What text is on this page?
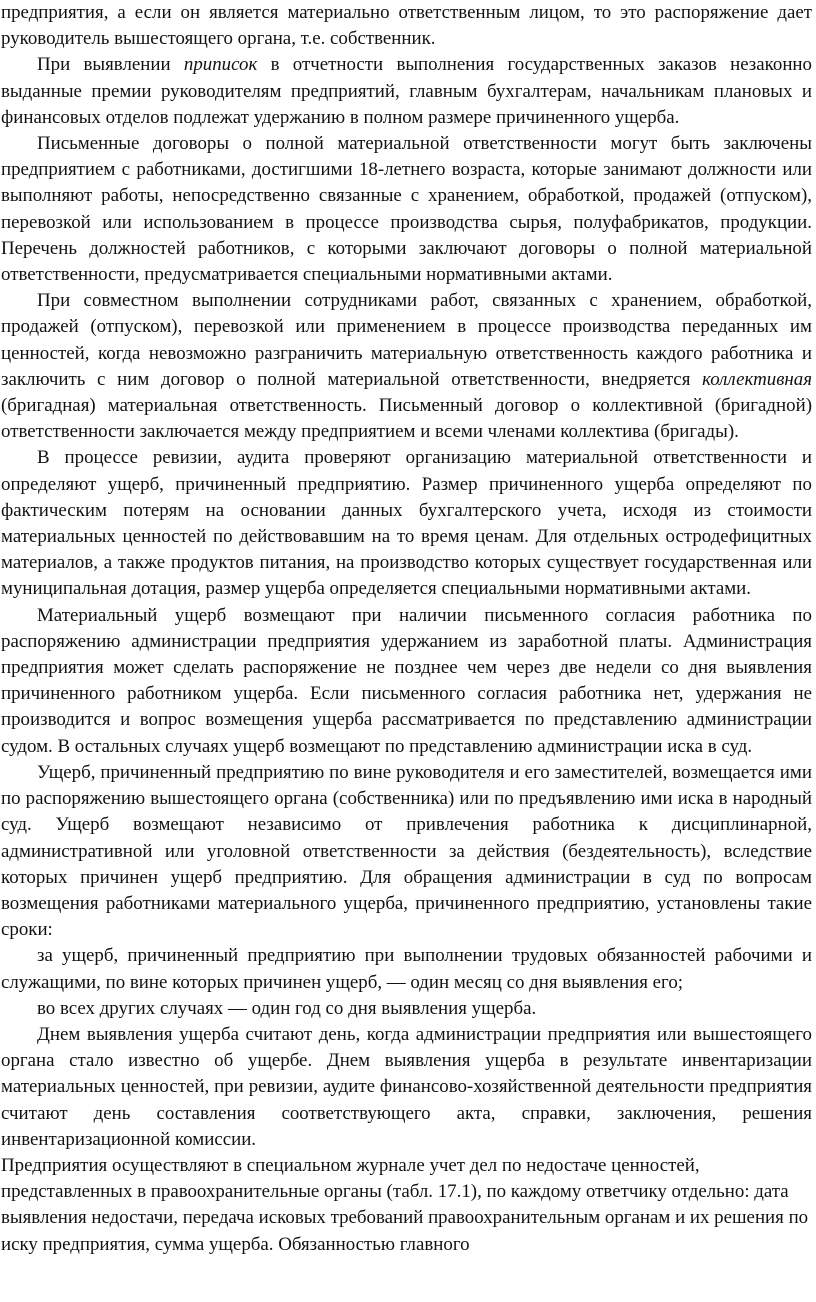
предприятия, а если он является материально ответственным лицом, то это распоряжение дает руководитель вышестоящего органа, т.е. собственник.

При выявлении приписок в отчетности выполнения государственных заказов незаконно выданные премии руководителям предприятий, главным бухгалтерам, начальникам плановых и финансовых отделов подлежат удержанию в полном размере причиненного ущерба.

Письменные договоры о полной материальной ответственности могут быть заключены предприятием с работниками, достигшими 18-летнего возраста, которые занимают должности или выполняют работы, непосредственно связанные с хранением, обработкой, продажей (отпуском), перевозкой или использованием в процессе производства сырья, полуфабрикатов, продукции. Перечень должностей работников, с которыми заключают договоры о полной материальной ответственности, предусматривается специальными нормативными актами.

При совместном выполнении сотрудниками работ, связанных с хранением, обработкой, продажей (отпуском), перевозкой или применением в процессе производства переданных им ценностей, когда невозможно разграничить материальную ответственность каждого работника и заключить с ним договор о полной материальной ответственности, внедряется коллективная (бригадная) материальная ответственность. Письменный договор о коллективной (бригадной) ответственности заключается между предприятием и всеми членами коллектива (бригады).

В процессе ревизии, аудита проверяют организацию материальной ответственности и определяют ущерб, причиненный предприятию. Размер причиненного ущерба определяют по фактическим потерям на основании данных бухгалтерского учета, исходя из стоимости материальных ценностей по действовавшим на то время ценам. Для отдельных остродефицитных материалов, а также продуктов питания, на производство которых существует государственная или муниципальная дотация, размер ущерба определяется специальными нормативными актами.

Материальный ущерб возмещают при наличии письменного согласия работника по распоряжению администрации предприятия удержанием из заработной платы. Администрация предприятия может сделать распоряжение не позднее чем через две недели со дня выявления причиненного работником ущерба. Если письменного согласия работника нет, удержания не производится и вопрос возмещения ущерба рассматривается по представлению администрации судом. В остальных случаях ущерб возмещают по представлению администрации иска в суд.

Ущерб, причиненный предприятию по вине руководителя и его заместителей, возмещается ими по распоряжению вышестоящего органа (собственника) или по предъявлению ими иска в народный суд. Ущерб возмещают независимо от привлечения работника к дисциплинарной, административной или уголовной ответственности за действия (бездеятельность), вследствие которых причинен ущерб предприятию. Для обращения администрации в суд по вопросам возмещения работниками материального ущерба, причиненного предприятию, установлены такие сроки:

за ущерб, причиненный предприятию при выполнении трудовых обязанностей рабочими и служащими, по вине которых причинен ущерб, — один месяц со дня выявления его;

во всех других случаях — один год со дня выявления ущерба.

Днем выявления ущерба считают день, когда администрации предприятия или вышестоящего органа стало известно об ущербе. Днем выявления ущерба в результате инвентаризации материальных ценностей, при ревизии, аудите финансово-хозяйственной деятельности предприятия считают день составления соответствующего акта, справки, заключения, решения инвентаризационной комиссии.

Предприятия осуществляют в специальном журнале учет дел по недостаче ценностей, представленных в правоохранительные органы (табл. 17.1), по каждому ответчику отдельно: дата выявления недостачи, передача исковых требований правоохранительным органам и их решения по иску предприятия, сумма ущерба. Обязанностью главного
